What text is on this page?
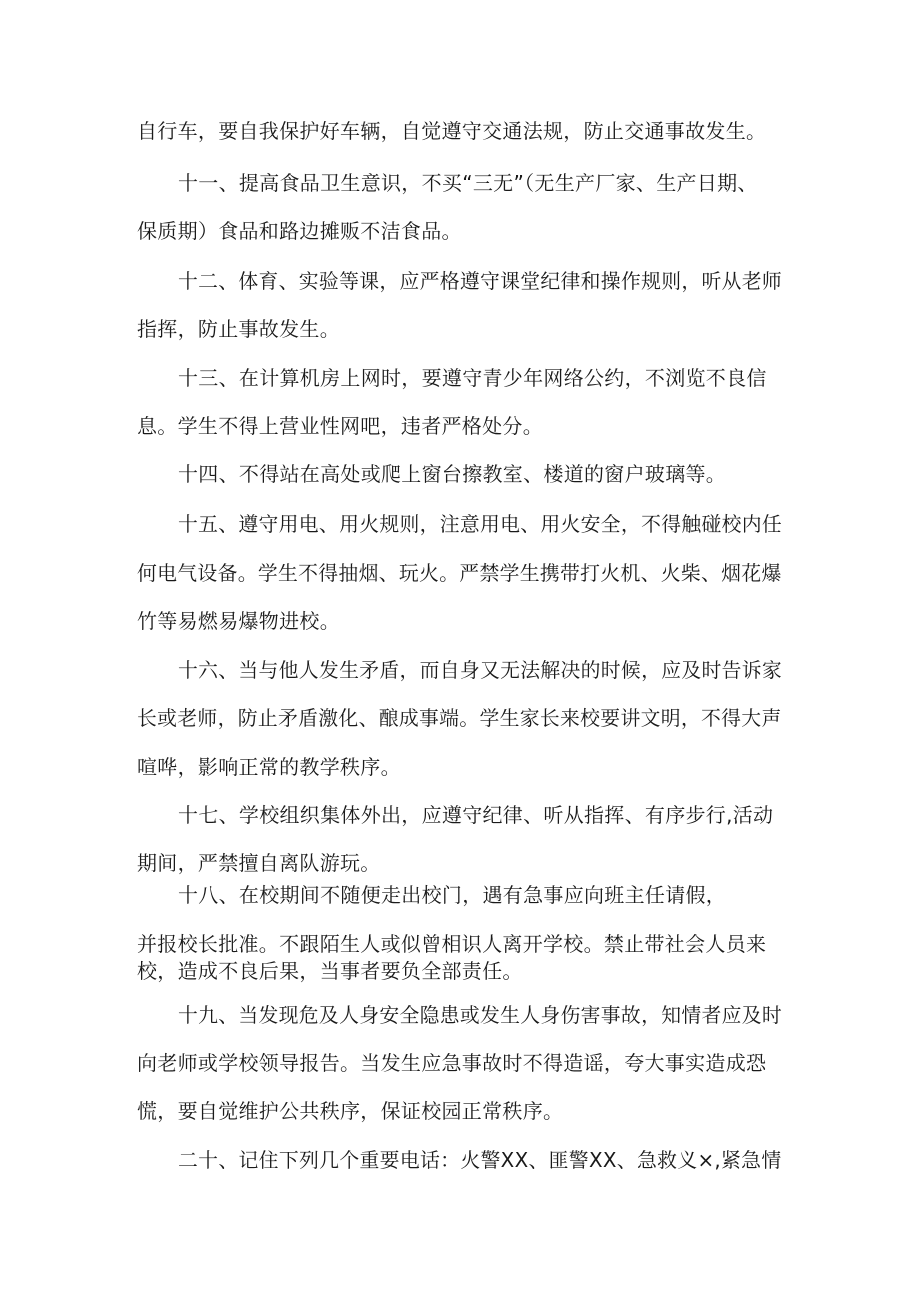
自行车，要自我保护好车辆，自觉遵守交通法规，防止交通事故发生。
十一、提高食品卫生意识，不买“三无”（无生产厂家、生产日期、
保质期）食品和路边摊贩不洁食品。
十二、体育、实验等课，应严格遵守课堂纪律和操作规则，听从老师
指挥，防止事故发生。
十三、在计算机房上网时，要遵守青少年网络公约，不浏览不良信
息。学生不得上营业性网吧，违者严格处分。
十四、不得站在高处或爬上窗台擦教室、楼道的窗户玻璃等。
十五、遵守用电、用火规则，注意用电、用火安全，不得触碰校内任
何电气设备。学生不得抽烟、玩火。严禁学生携带打火机、火柴、烟花爆
竹等易燃易爆物进校。
十六、当与他人发生矛盾，而自身又无法解决的时候，应及时告诉家
长或老师，防止矛盾激化、酿成事端。学生家长来校要讲文明，不得大声
喧哗，影响正常的教学秩序。
十七、学校组织集体外出，应遵守纪律、听从指挥、有序步行,活动
期间，严禁擅自离队游玩。
十八、在校期间不随便走出校门，遇有急事应向班主任请假，
并报校长批准。不跟陌生人或似曾相识人离开学校。禁止带社会人员来
校，造成不良后果，当事者要负全部责任。
十九、当发现危及人身安全隐患或发生人身伤害事故，知情者应及时
向老师或学校领导报告。当发生应急事故时不得造谣，夸大事实造成恐
慌，要自觉维护公共秩序，保证校园正常秩序。
二十、记住下列几个重要电话：火警XX、匪警XX、急救义×,紧急情
